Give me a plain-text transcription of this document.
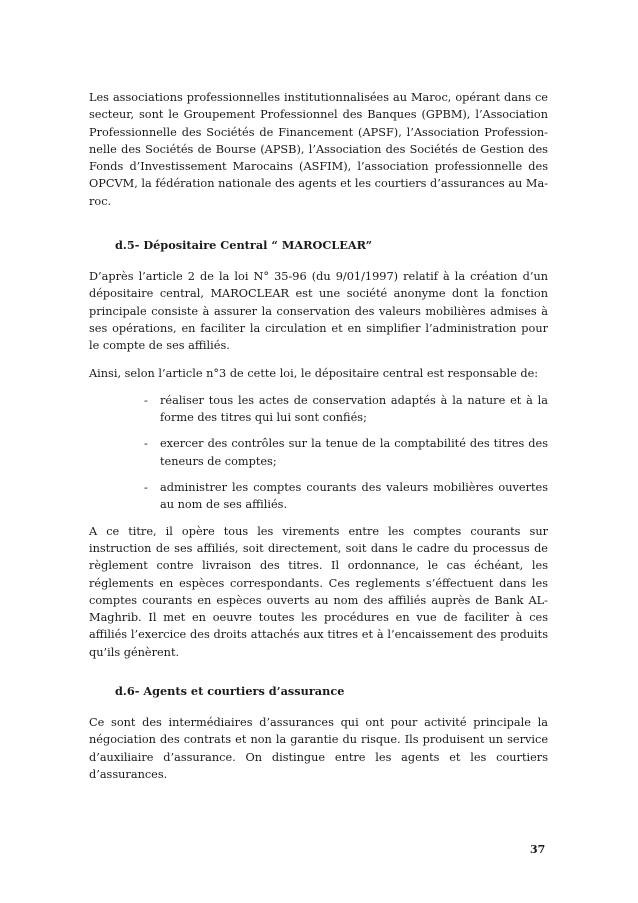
Les associations professionnelles institutionnalisées au Maroc, opérant dans ce secteur, sont le Groupement Professionnel des Banques (GPBM), l’Association Professionnelle des Sociétés de Financement (APSF), l’Association Profession-nelle des Sociétés de Bourse (APSB), l’Association des Sociétés de Gestion des Fonds d’Investissement Marocains (ASFIM), l’association professionnelle des OPCVM, la fédération nationale des agents et les courtiers d’assurances au Ma-roc.

d.5- Dépositaire Central “ MAROCLEAR”

D’après l’article 2 de la loi N° 35-96 (du 9/01/1997) relatif à la création d’un dépositaire central, MAROCLEAR est une société anonyme dont la fonction principale consiste à assurer la conservation des valeurs mobilières admises à ses opérations, en faciliter la circulation et en simplifier l’administration pour le compte de ses affiliés.

Ainsi, selon l’article n°3 de cette loi, le dépositaire central est responsable de:

- réaliser tous les actes de conservation adaptés à la nature et à la forme des titres qui lui sont confiés;
- exercer des contrôles sur la tenue de la comptabilité des titres des teneurs de comptes;
- administrer les comptes courants des valeurs mobilières ouvertes au nom de ses affiliés.

A ce titre, il opère tous les virements entre les comptes courants sur instruction de ses affiliés, soit directement, soit dans le cadre du processus de règlement contre livraison des titres. Il ordonnance, le cas échéant, les réglements en espèces correspondants. Ces reglements s’éffectuent dans les comptes courants en espèces ouverts au nom des affiliés auprès de Bank AL-Maghrib. Il met en oeuvre toutes les procédures en vue de faciliter à ces affiliés l’exercice des droits attachés aux titres et à l’encaissement des produits qu’ils génèrent.

d.6- Agents et courtiers d’assurance

Ce sont des intermédiaires d’assurances qui ont pour activité principale la négociation des contrats et non la garantie du risque. Ils produisent un service d’auxiliaire d’assurance. On distingue entre les agents et les courtiers d’assurances.

37
